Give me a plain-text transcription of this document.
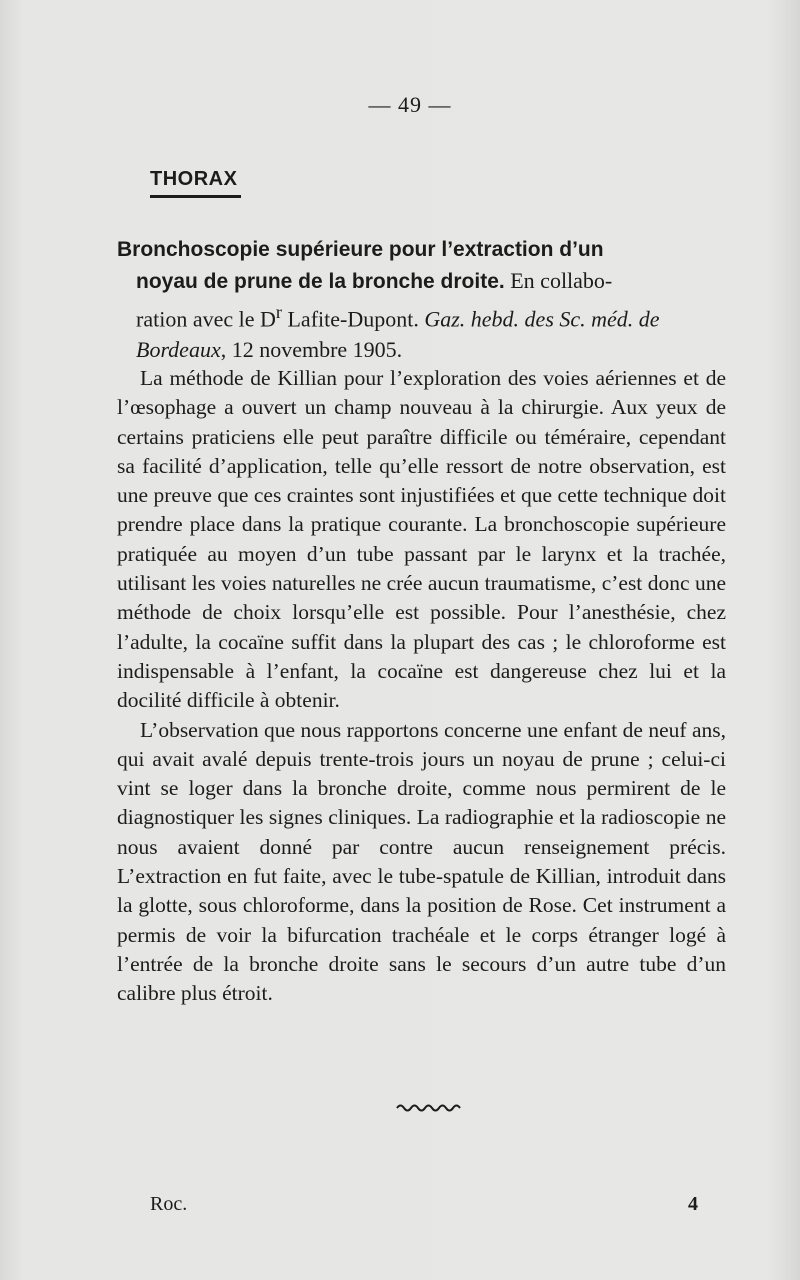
— 49 —
THORAX
Bronchoscopie supérieure pour l’extraction d’un
noyau de prune de la bronche droite. En collabo-
ration avec le $D^r$ Lafite-Dupont. Gaz. hebd. des Sc. méd. de
Bordeaux, 12 novembre 1905.

La méthode de Killian pour l’exploration des voies aériennes et de l’œsophage a ouvert un champ nouveau à la chirurgie. Aux yeux de certains praticiens elle peut paraître difficile ou téméraire, cependant sa facilité d’application, telle qu’elle ressort de notre observation, est une preuve que ces craintes sont injustifiées et que cette technique doit prendre place dans la pratique courante. La bronchoscopie supérieure pratiquée au moyen d’un tube passant par le larynx et la trachée, utilisant les voies naturelles ne crée aucun traumatisme, c’est donc une méthode de choix lorsqu’elle est possible. Pour l’anesthésie, chez l’adulte, la cocaïne suffit dans la plupart des cas ; le chloroforme est indispensable à l’enfant, la cocaïne est dangereuse chez lui et la docilité difficile à obtenir.

L’observation que nous rapportons concerne une enfant de neuf ans, qui avait avalé depuis trente-trois jours un noyau de prune ; celui-ci vint se loger dans la bronche droite, comme nous permirent de le diagnostiquer les signes cliniques. La radiographie et la radioscopie ne nous avaient donné par contre aucun renseignement précis. L’extraction en fut faite, avec le tube-spatule de Killian, introduit dans la glotte, sous chloroforme, dans la position de Rose. Cet instrument a permis de voir la bifurcation trachéale et le corps étranger logé à l’entrée de la bronche droite sans le secours d’un autre tube d’un calibre plus étroit.

Roc.	4
